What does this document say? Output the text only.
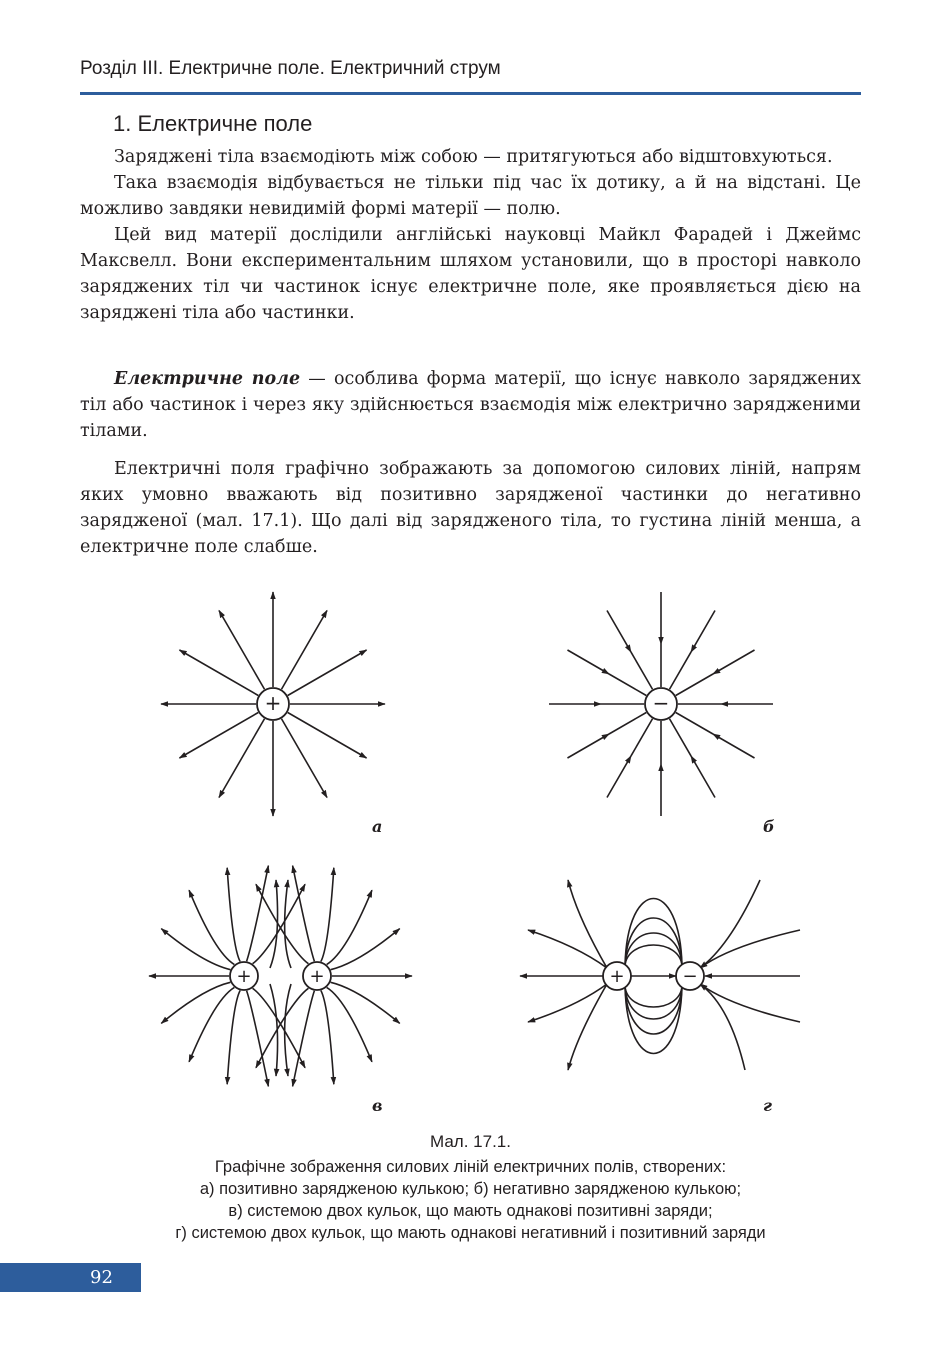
Розділ III. Електричне поле. Електричний струм
1. Електричне поле

Заряджені тіла взаємодіють між собою — притягуються або відштовхуються.

Така взаємодія відбувається не тільки під час їх дотику, а й на відстані. Це можливо завдяки невидимій формі матерії — полю.

Цей вид матерії дослідили англійські науковці Майкл Фарадей і Джеймс Максвелл. Вони експериментальним шляхом установили, що в просторі навколо заряджених тіл чи частинок існує електричне поле, яке проявляється дією на заряджені тіла або частинки.

Електричне поле — особлива форма матерії, що існує навколо заряджених тіл або частинок і через яку здійснюється взаємодія між електрично зарядженими тілами.

Електричні поля графічно зображають за допомогою силових ліній, напрям яких умовно вважають від позитивно зарядженої частинки до негативно зарядженої (мал. 17.1). Що далі від зарядженого тіла, то густина ліній менша, а електричне поле слабше.

+	−
+	+	+	−
а	б
в	г
Мал. 17.1.
Графічне зображення силових ліній електричних полів, створених:
а) позитивно зарядженою кулькою; б) негативно зарядженою кулькою;
в) системою двох кульок, що мають однакові позитивні заряди;
г) системою двох кульок, що мають однакові негативний і позитивний заряди
92
